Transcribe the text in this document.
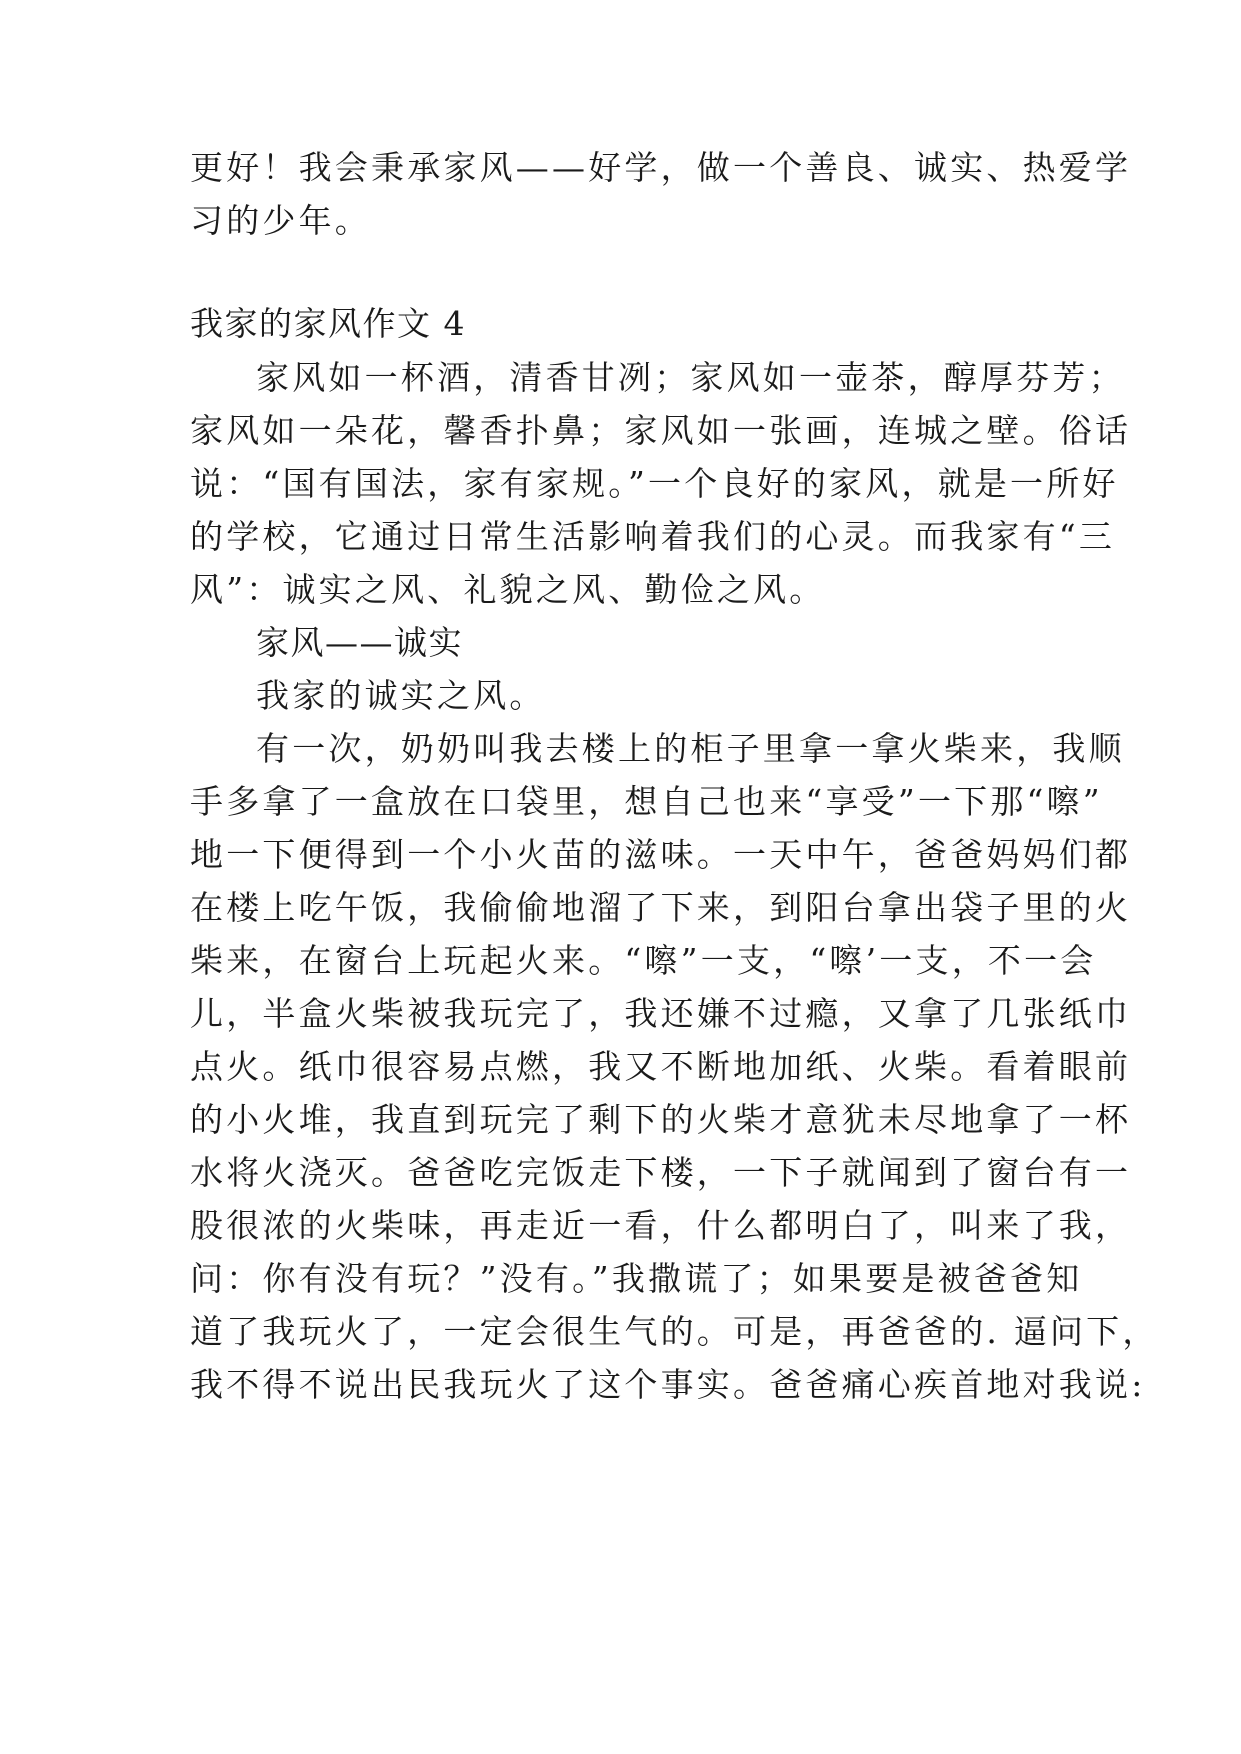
更好！我会秉承家风——好学，做一个善良、诚实、热爱学
习的少年。
我家的家风作文 4
家风如一杯酒，清香甘冽；家风如一壶茶，醇厚芬芳；
家风如一朵花，馨香扑鼻；家风如一张画，连城之壁。俗话
说：“国有国法，家有家规。”一个良好的家风，就是一所好
的学校，它通过日常生活影响着我们的心灵。而我家有“三
风”：诚实之风、礼貌之风、勤俭之风。
家风——诚实
我家的诚实之风。
有一次，奶奶叫我去楼上的柜子里拿一拿火柴来，我顺
手多拿了一盒放在口袋里，想自己也来“享受”一下那“嚓”
地一下便得到一个小火苗的滋味。一天中午，爸爸妈妈们都
在楼上吃午饭，我偷偷地溜了下来，到阳台拿出袋子里的火
柴来，在窗台上玩起火来。“嚓”一支，“嚓’一支，不一会
儿，半盒火柴被我玩完了，我还嫌不过瘾，又拿了几张纸巾
点火。纸巾很容易点燃，我又不断地加纸、火柴。看着眼前
的小火堆，我直到玩完了剩下的火柴才意犹未尽地拿了一杯
水将火浇灭。爸爸吃完饭走下楼，一下子就闻到了窗台有一
股很浓的火柴味，再走近一看，什么都明白了，叫来了我，
问：你有没有玩？”没有。”我撒谎了；如果要是被爸爸知
道了我玩火了，一定会很生气的。可是，再爸爸的. 逼问下，
我不得不说出民我玩火了这个事实。爸爸痛心疾首地对我说:
